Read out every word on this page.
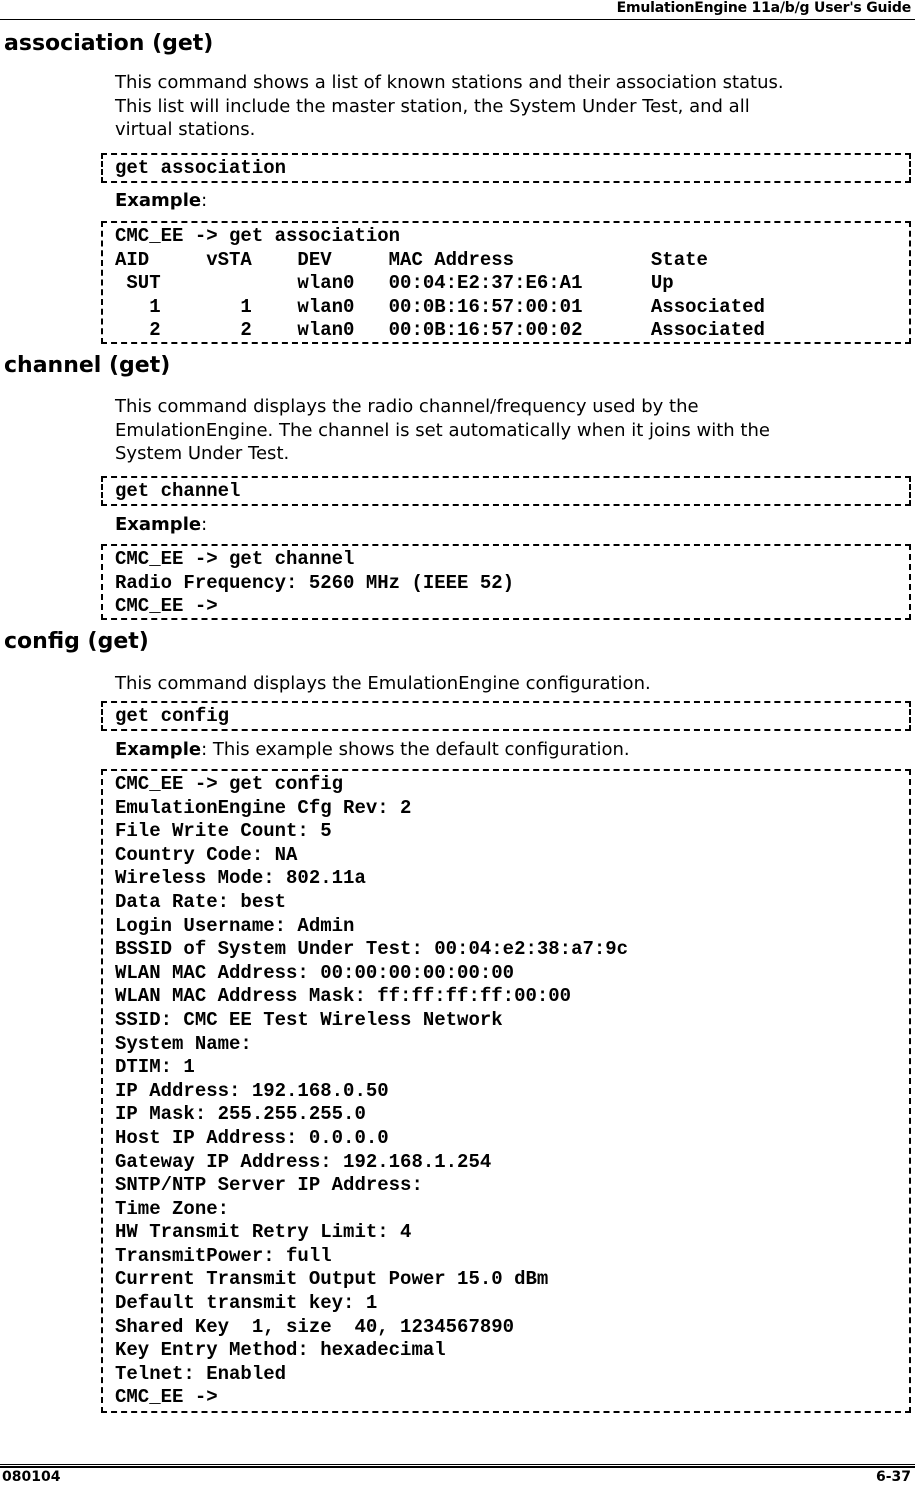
EmulationEngine 11a/b/g User's Guide
association (get)
This command shows a list of known stations and their association status.
This list will include the master station, the System Under Test, and all
virtual stations.
get association
Example:
CMC_EE -> get association
AID     vSTA    DEV     MAC Address            State
SUT            wlan0   00:04:E2:37:E6:A1      Up
1       1    wlan0   00:0B:16:57:00:01      Associated
2       2    wlan0   00:0B:16:57:00:02      Associated
channel (get)
This command displays the radio channel/frequency used by the
EmulationEngine. The channel is set automatically when it joins with the
System Under Test.
get channel
Example:
CMC_EE -> get channel
Radio Frequency: 5260 MHz (IEEE 52)
CMC_EE ->
config (get)
This command displays the EmulationEngine configuration.
get config
Example: This example shows the default configuration.
CMC_EE -> get config
EmulationEngine Cfg Rev: 2
File Write Count: 5
Country Code: NA
Wireless Mode: 802.11a
Data Rate: best
Login Username: Admin
BSSID of System Under Test: 00:04:e2:38:a7:9c
WLAN MAC Address: 00:00:00:00:00:00
WLAN MAC Address Mask: ff:ff:ff:ff:00:00
SSID: CMC EE Test Wireless Network
System Name:
DTIM: 1
IP Address: 192.168.0.50
IP Mask: 255.255.255.0
Host IP Address: 0.0.0.0
Gateway IP Address: 192.168.1.254
SNTP/NTP Server IP Address:
Time Zone:
HW Transmit Retry Limit: 4
TransmitPower: full
Current Transmit Output Power 15.0 dBm
Default transmit key: 1
Shared Key  1, size  40, 1234567890
Key Entry Method: hexadecimal
Telnet: Enabled
CMC_EE ->
080104	6-37
